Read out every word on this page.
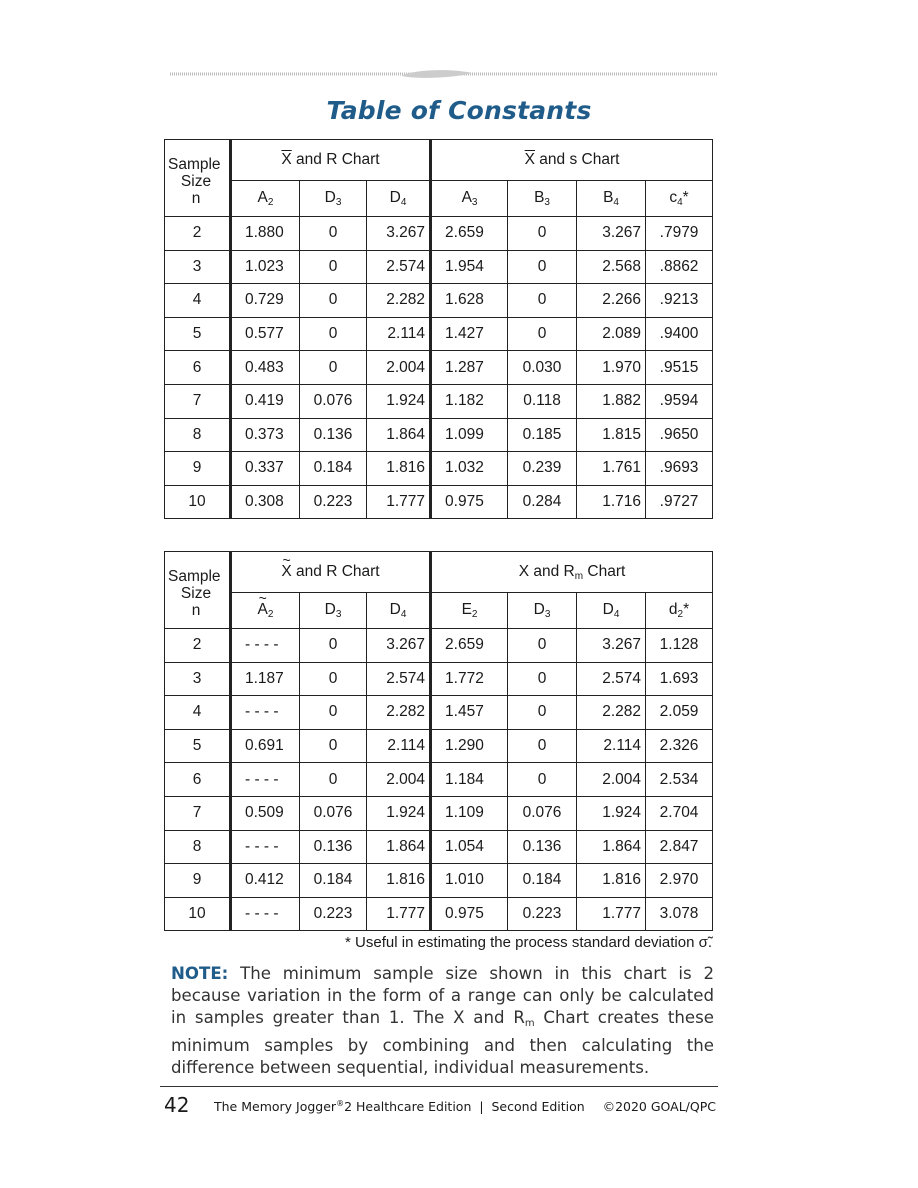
Table of Constants
Sample
Size
n	$\overline{X}$ and R Chart			$\overline{X}$ and s Chart			
	$A_2$	$D_3$	$D_4$	$A_3$	$B_3$	$B_4$	$c_4*$
2	1.880	0	3.267	2.659	0	3.267	.7979
3	1.023	0	2.574	1.954	0	2.568	.8862
4	0.729	0	2.282	1.628	0	2.266	.9213
5	0.577	0	2.114	1.427	0	2.089	.9400
6	0.483	0	2.004	1.287	0.030	1.970	.9515
7	0.419	0.076	1.924	1.182	0.118	1.882	.9594
8	0.373	0.136	1.864	1.099	0.185	1.815	.9650
9	0.337	0.184	1.816	1.032	0.239	1.761	.9693
10	0.308	0.223	1.777	0.975	0.284	1.716	.9727
Sample
Size
n	~ X and R Chart			X and $R_m$ Chart			
	~ $A_2$	$D_3$	$D_4$	$E_2$	$D_3$	$D_4$	$d_2*$
2	- - - -	0	3.267	2.659	0	3.267	1.128
3	1.187	0	2.574	1.772	0	2.574	1.693
4	- - - -	0	2.282	1.457	0	2.282	2.059
5	0.691	0	2.114	1.290	0	2.114	2.326
6	- - - -	0	2.004	1.184	0	2.004	2.534
7	0.509	0.076	1.924	1.109	0.076	1.924	2.704
8	- - - -	0.136	1.864	1.054	0.136	1.864	2.847
9	0.412	0.184	1.816	1.010	0.184	1.816	2.970
10	- - - -	0.223	1.777	0.975	0.223	1.777	3.078
* Useful in estimating the process standard deviation σ̃.
NOTE: The minimum sample size shown in this chart is 2 because variation in the form of a range can only be calculated in samples greater than 1. The X and $R_m$ Chart creates these minimum samples by combining and then calculating the difference between sequential, individual measurements.
42 The Memory Jogger®2 Healthcare Edition | Second Edition ©2020 GOAL/QPC
